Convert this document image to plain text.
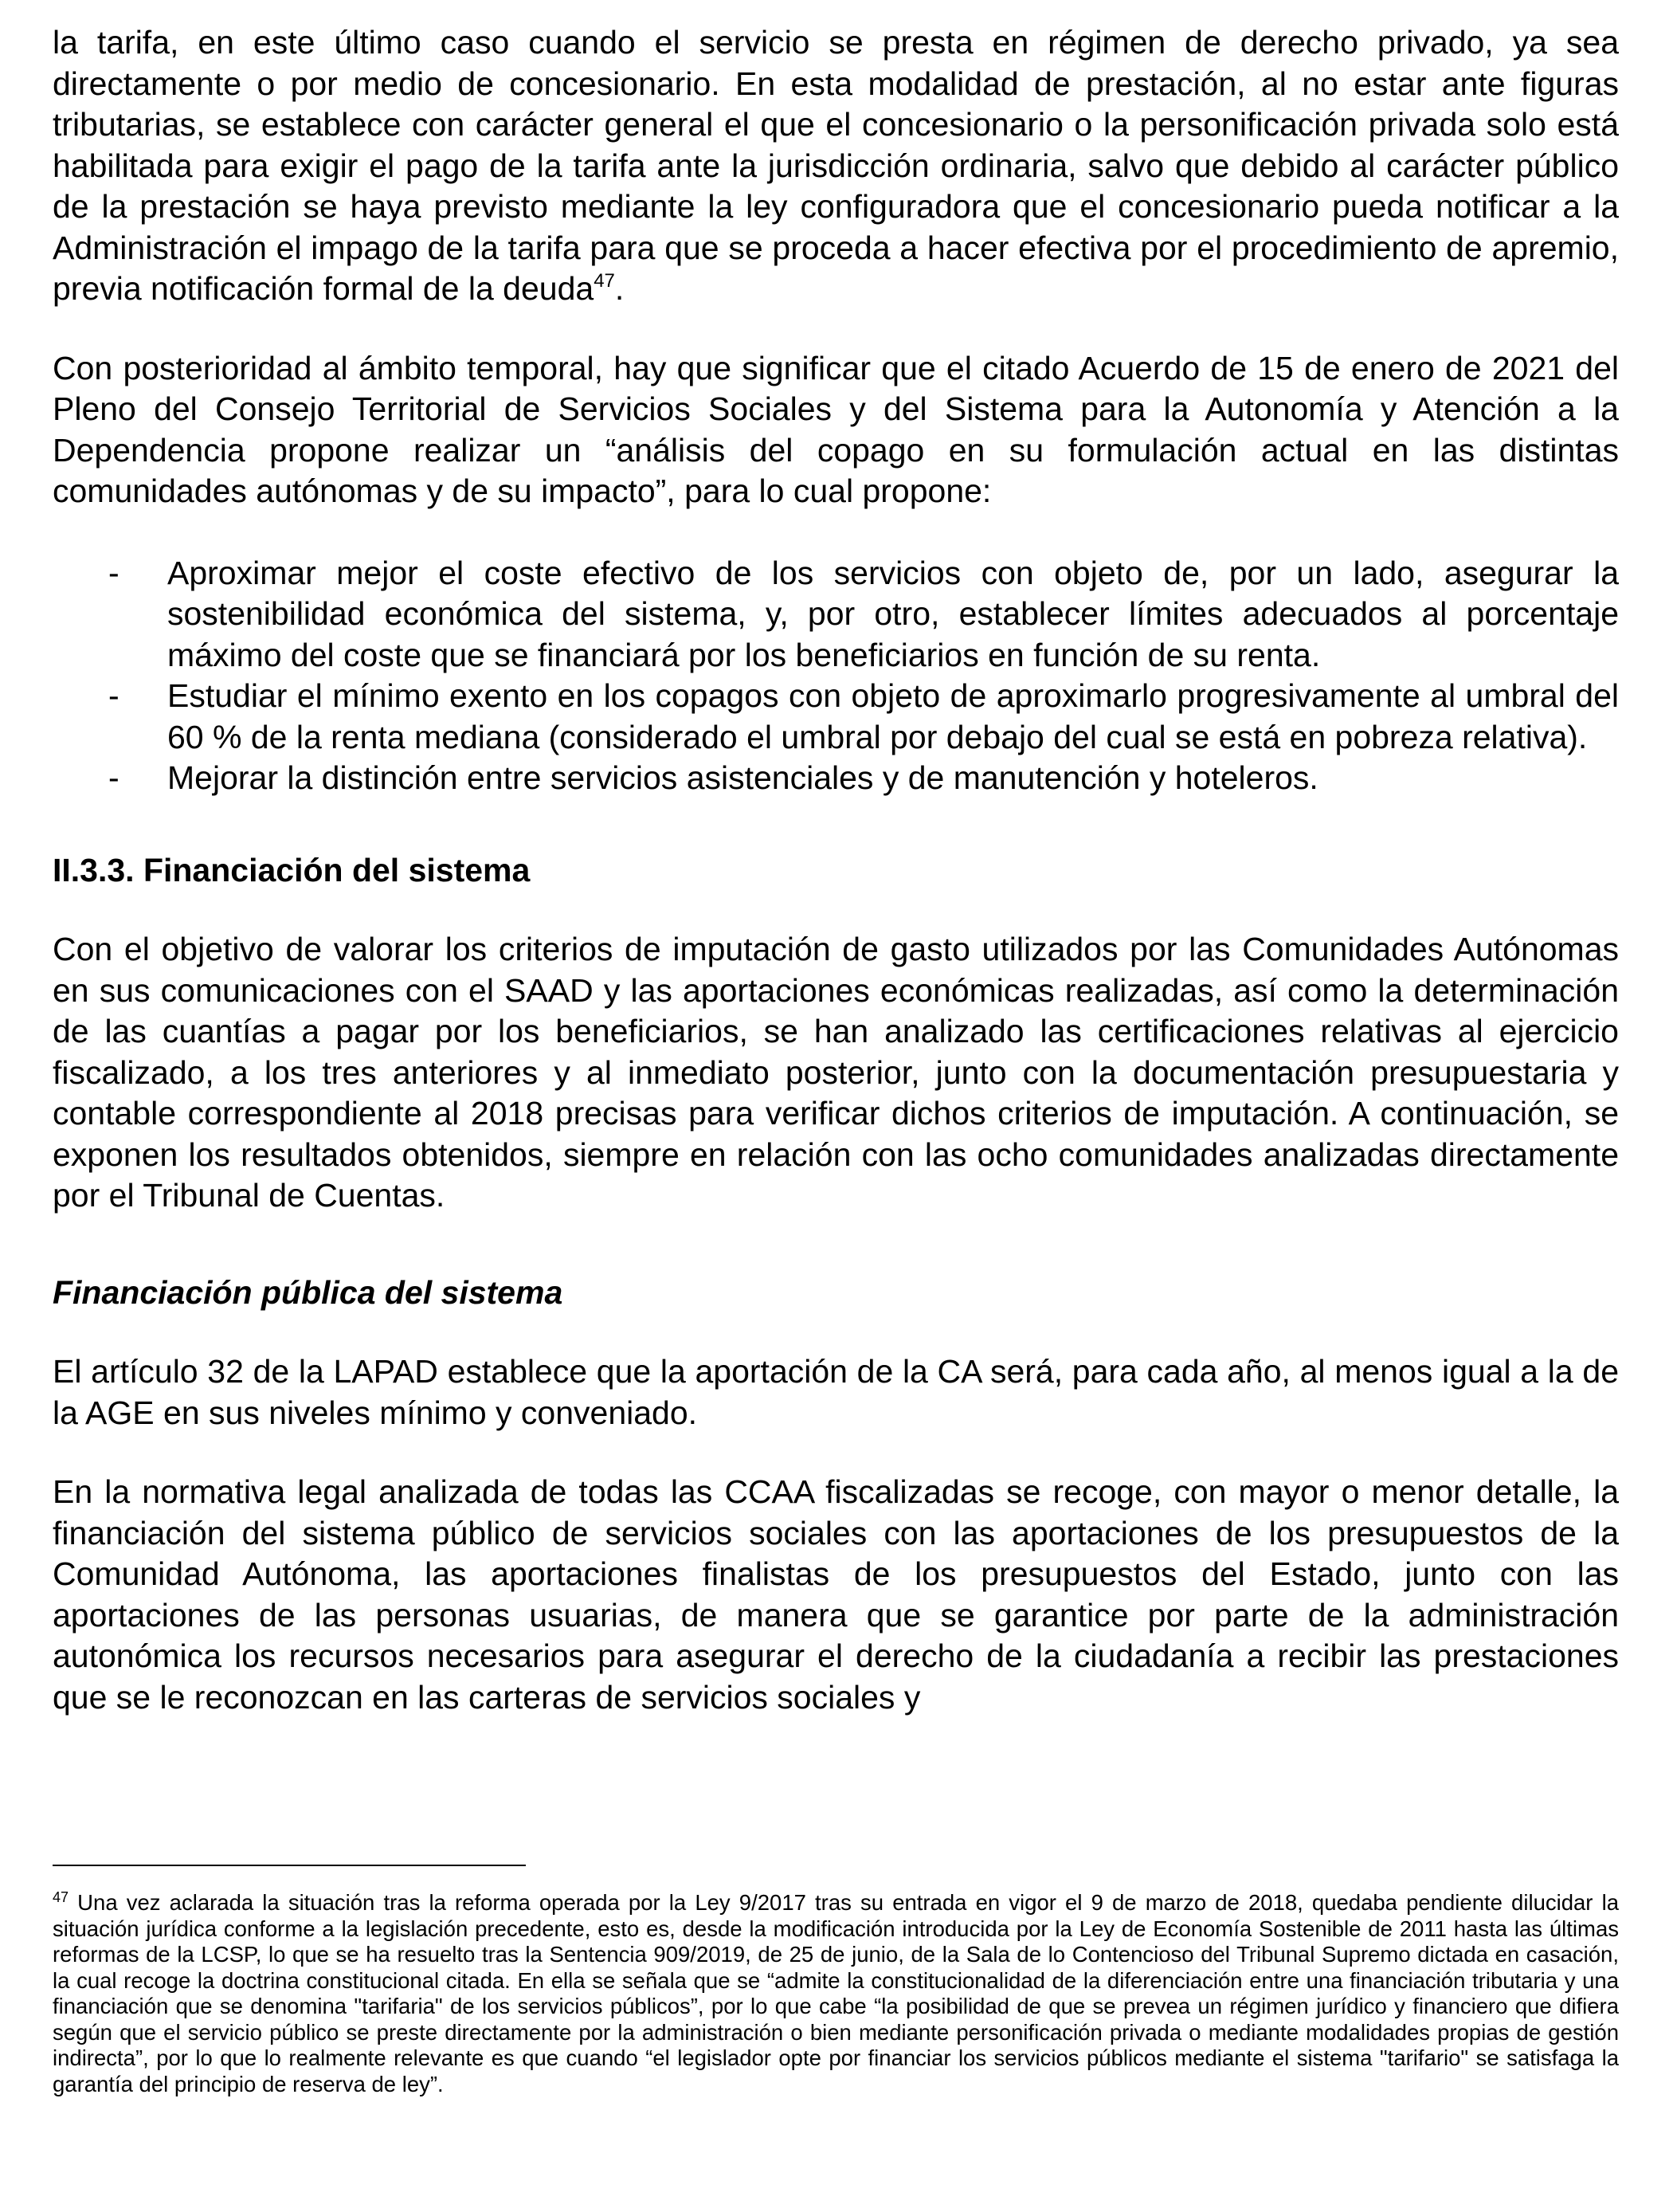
la tarifa, en este último caso cuando el servicio se presta en régimen de derecho privado, ya sea directamente o por medio de concesionario. En esta modalidad de prestación, al no estar ante figuras tributarias, se establece con carácter general el que el concesionario o la personificación privada solo está habilitada para exigir el pago de la tarifa ante la jurisdicción ordinaria, salvo que debido al carácter público de la prestación se haya previsto mediante la ley configuradora que el concesionario pueda notificar a la Administración el impago de la tarifa para que se proceda a hacer efectiva por el procedimiento de apremio, previa notificación formal de la deuda$^{47}$.

Con posterioridad al ámbito temporal, hay que significar que el citado Acuerdo de 15 de enero de 2021 del Pleno del Consejo Territorial de Servicios Sociales y del Sistema para la Autonomía y Atención a la Dependencia propone realizar un “análisis del copago en su formulación actual en las distintas comunidades autónomas y de su impacto”, para lo cual propone:

- Aproximar mejor el coste efectivo de los servicios con objeto de, por un lado, asegurar la sostenibilidad económica del sistema, y, por otro, establecer límites adecuados al porcentaje máximo del coste que se financiará por los beneficiarios en función de su renta.
- Estudiar el mínimo exento en los copagos con objeto de aproximarlo progresivamente al umbral del 60 % de la renta mediana (considerado el umbral por debajo del cual se está en pobreza relativa).
- Mejorar la distinción entre servicios asistenciales y de manutención y hoteleros.
II.3.3. Financiación del sistema

Con el objetivo de valorar los criterios de imputación de gasto utilizados por las Comunidades Autónomas en sus comunicaciones con el SAAD y las aportaciones económicas realizadas, así como la determinación de las cuantías a pagar por los beneficiarios, se han analizado las certificaciones relativas al ejercicio fiscalizado, a los tres anteriores y al inmediato posterior, junto con la documentación presupuestaria y contable correspondiente al 2018 precisas para verificar dichos criterios de imputación. A continuación, se exponen los resultados obtenidos, siempre en relación con las ocho comunidades analizadas directamente por el Tribunal de Cuentas.

Financiación pública del sistema

El artículo 32 de la LAPAD establece que la aportación de la CA será, para cada año, al menos igual a la de la AGE en sus niveles mínimo y conveniado.

En la normativa legal analizada de todas las CCAA fiscalizadas se recoge, con mayor o menor detalle, la financiación del sistema público de servicios sociales con las aportaciones de los presupuestos de la Comunidad Autónoma, las aportaciones finalistas de los presupuestos del Estado, junto con las aportaciones de las personas usuarias, de manera que se garantice por parte de la administración autonómica los recursos necesarios para asegurar el derecho de la ciudadanía a recibir las prestaciones que se le reconozcan en las carteras de servicios sociales y

$^{47}$ Una vez aclarada la situación tras la reforma operada por la Ley 9/2017 tras su entrada en vigor el 9 de marzo de 2018, quedaba pendiente dilucidar la situación jurídica conforme a la legislación precedente, esto es, desde la modificación introducida por la Ley de Economía Sostenible de 2011 hasta las últimas reformas de la LCSP, lo que se ha resuelto tras la Sentencia 909/2019, de 25 de junio, de la Sala de lo Contencioso del Tribunal Supremo dictada en casación, la cual recoge la doctrina constitucional citada. En ella se señala que se “admite la constitucionalidad de la diferenciación entre una financiación tributaria y una financiación que se denomina "tarifaria" de los servicios públicos”, por lo que cabe “la posibilidad de que se prevea un régimen jurídico y financiero que difiera según que el servicio público se preste directamente por la administración o bien mediante personificación privada o mediante modalidades propias de gestión indirecta”, por lo que lo realmente relevante es que cuando “el legislador opte por financiar los servicios públicos mediante el sistema "tarifario" se satisfaga la garantía del principio de reserva de ley”.
